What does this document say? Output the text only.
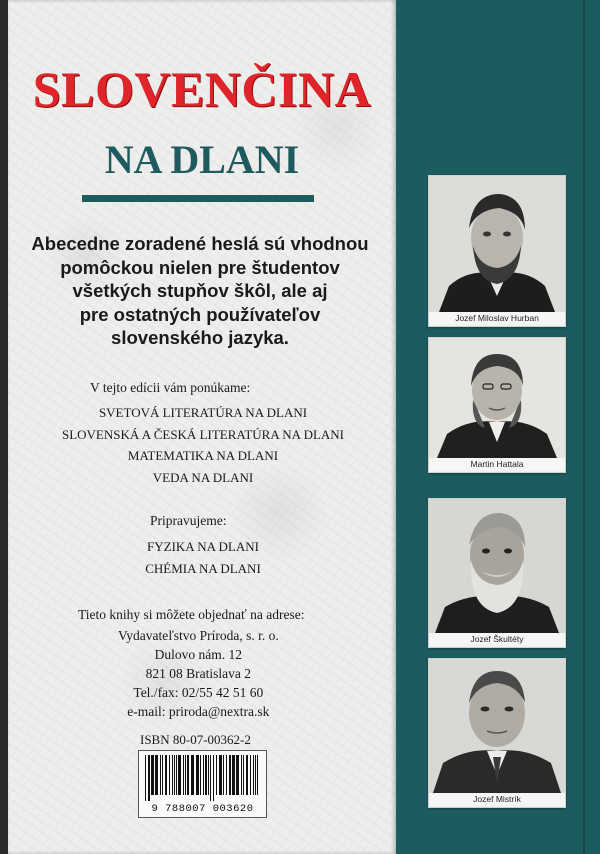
SLOVENČINA
NA DLANI
Abecedne zoradené heslá sú vhodnou
pomôckou nielen pre študentov
všetkých stupňov škôl, ale aj
pre ostatných používateľov
slovenského jazyka.
V tejto edícii vám ponúkame:
SVETOVÁ LITERATÚRA NA DLANI
SLOVENSKÁ A ČESKÁ LITERATÚRA NA DLANI
MATEMATIKA NA DLANI
VEDA NA DLANI
Pripravujeme:
FYZIKA NA DLANI
CHÉMIA NA DLANI
Tieto knihy si môžete objednať na adrese:
Vydavateľstvo Príroda, s. r. o.
Dulovo nám. 12
821 08 Bratislava 2
Tel./fax: 02/55 42 51 60
e-mail: priroda@nextra.sk
ISBN 80-07-00362-2
9 788007 003620
Jozef Miloslav Hurban
Martin Hattala
Jozef Škultéty
Jozef Mistrík
